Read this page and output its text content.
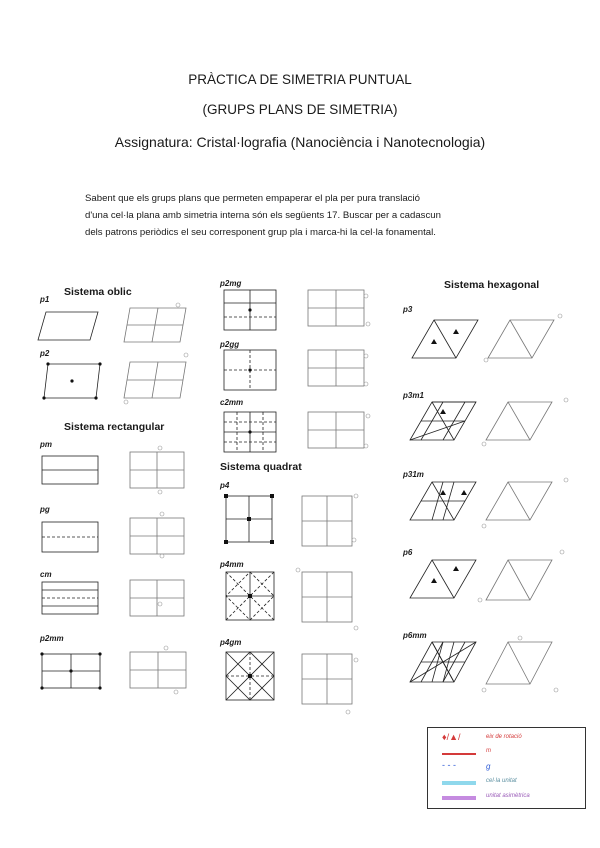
PRÀCTICA DE SIMETRIA PUNTUAL
(GRUPS PLANS DE SIMETRIA)
Assignatura: Cristal·lografia (Nanociència i Nanotecnologia)

Sabent que els grups plans que permeten empaperar el pla per pura translació

d'una cel·la plana amb simetria interna són els següents 17. Buscar per a cadascun

dels patrons periòdics el seu corresponent grup pla i marca-hi la cel·la fonamental.

Sistema oblic
Sistema rectangular
Sistema quadrat
Sistema hexagonal
p1
p2
pm
pg
cm
p2mm
p2mg
p2gg
c2mm
p4
p4mm
p4gm
p3
p3m1
p31m
p6
p6mm
♦/▲/	eix de rotació
m
- - -	g
cel·la unitat
unitat asimètrica
